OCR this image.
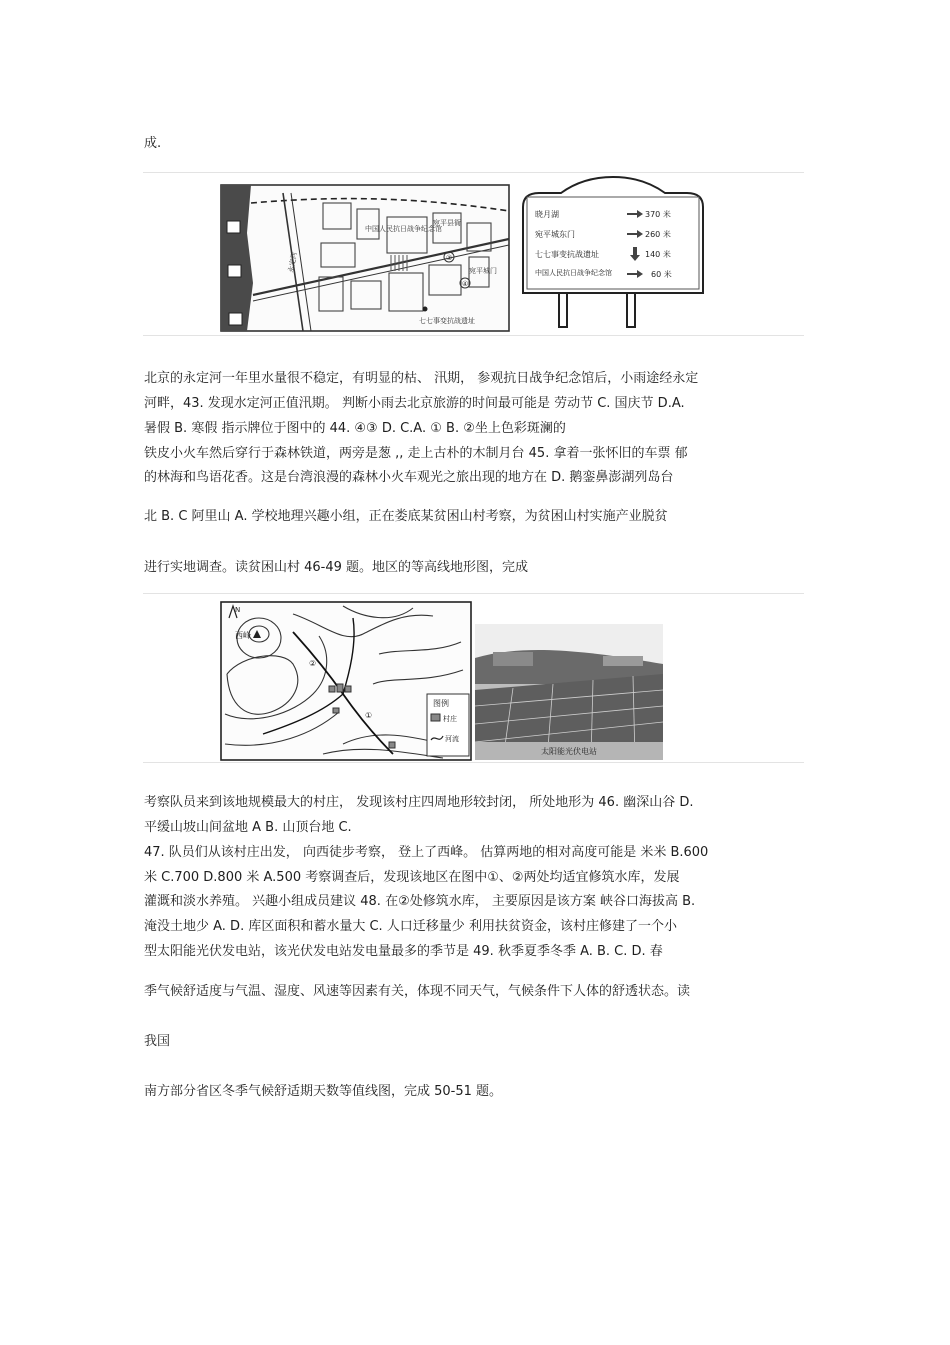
成.
中国人民抗日战争纪念馆
宛平县衙
宛平城门
七七事变抗战遗址
永定河	③
④
晓月湖	370 米
宛平城东门	260 米
七七事变抗战遗址	140 米
中国人民抗日战争纪念馆	60 米
北京的永定河一年里水量很不稳定，有明显的枯、 汛期， 参观抗日战争纪念馆后，小雨途经永定
河畔，43. 发现水定河正值汛期。 判断小雨去北京旅游的时间最可能是 劳动节 C. 国庆节 D.A.
暑假 B. 寒假 指示牌位于图中的 44. ④③ D. C.A. ① B. ②坐上色彩斑澜的
铁皮小火车然后穿行于森林铁道，两旁是葱 ,, 走上古朴的木制月台 45. 拿着一张怀旧的车票 郁
的林海和鸟语花香。这是台湾浪漫的森林小火车观光之旅出现的地方在 D. 鹅銮鼻澎湖列岛台
北 B. C 阿里山 A. 学校地理兴趣小组，正在娄底某贫困山村考察，为贫困山村实施产业脱贫
进行实地调查。读贫困山村 46-49 题。地区的等高线地形图，完成
N
西峰
①
②
图例
村庄
河流
太阳能光伏电站
考察队员来到该地规模最大的村庄， 发现该村庄四周地形较封闭， 所处地形为 46. 幽深山谷 D.
平缓山坡山间盆地 A B. 山顶台地 C.
47. 队员们从该村庄出发， 向西徒步考察， 登上了西峰。 估算两地的相对高度可能是 米米 B.600
米 C.700 D.800 米 A.500 考察调查后，发现该地区在图中①、②两处均适宜修筑水库，发展
灌溉和淡水养殖。 兴趣小组成员建议 48. 在②处修筑水库， 主要原因是该方案 峡谷口海拔高 B.
淹没土地少 A. D. 库区面积和蓄水量大 C. 人口迁移量少 利用扶贫资金，该村庄修建了一个小
型太阳能光伏发电站，该光伏发电站发电量最多的季节是 49. 秋季夏季冬季 A. B. C. D. 春
季气候舒适度与气温、湿度、风速等因素有关，体现不同天气，气候条件下人体的舒透状态。读
我国
南方部分省区冬季气候舒适期天数等值线图，完成 50-51 题。
